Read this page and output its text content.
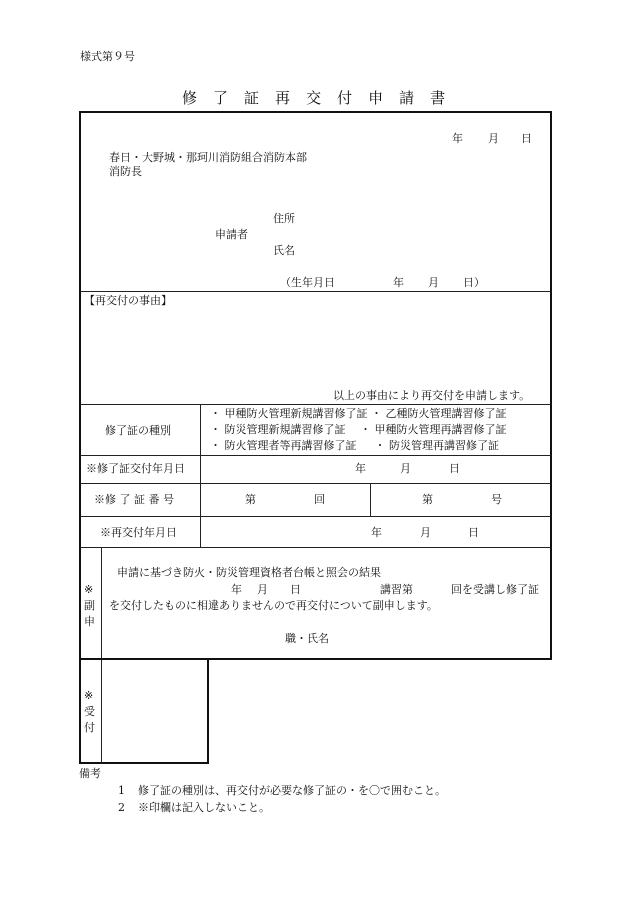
様式第９号
修 了 証 再 交 付 申 請 書
年 月 日
春日・大野城・那珂川消防組合消防本部
消防長
住所
申請者
氏名
（生年月日	年 月 日）
【再交付の事由】
以上の事由により再交付を申請します。
修了証の種別
・ 甲種防火管理新規講習修了証 ・ 乙種防火管理講習修了証
・ 防災管理新規講習修了証 　・ 甲種防火管理再講習修了証
・ 防火管理者等再講習修了証 　 ・ 防災管理再講習修了証
※修了証交付年月日	年	月	日
※修 了 証 番 号	第	回	第	号
※再交付年月日	年	月	日
※
副
申
申請に基づき防火・防災管理資格者台帳と照会の結果
年 月 日	講習第	回を受講し修了証
を交付したものに相違ありませんので再交付について副申します。
職・氏名
※
受
付
備考
1 修了証の種別は、再交付が必要な修了証の・を〇で囲むこと。
2 ※印欄は記入しないこと。
